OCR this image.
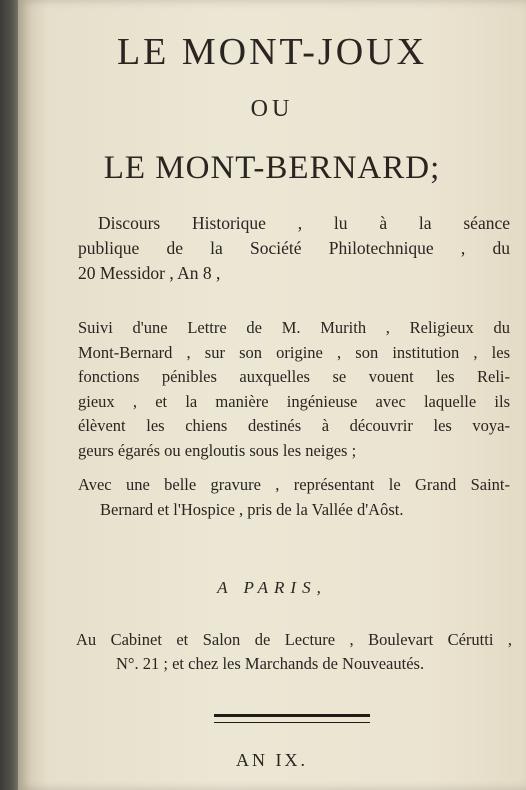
LE MONT-JOUX
OU
LE MONT-BERNARD;
Discours Historique , lu à la séance
publique de la Société Philotechnique , du
20 Messidor , An 8 ,
Suivi d'une Lettre de M. Murith , Religieux du
Mont-Bernard , sur son origine , son institution , les
fonctions pénibles auxquelles se vouent les Reli-
gieux , et la manière ingénieuse avec laquelle ils
élèvent les chiens destinés à découvrir les voya-
geurs égarés ou engloutis sous les neiges ;
Avec une belle gravure , représentant le Grand Saint-
Bernard et l'Hospice , pris de la Vallée d'Aôst.
A PARIS,
Au Cabinet et Salon de Lecture , Boulevart Cérutti ,
N°. 21 ; et chez les Marchands de Nouveautés.
AN IX.
